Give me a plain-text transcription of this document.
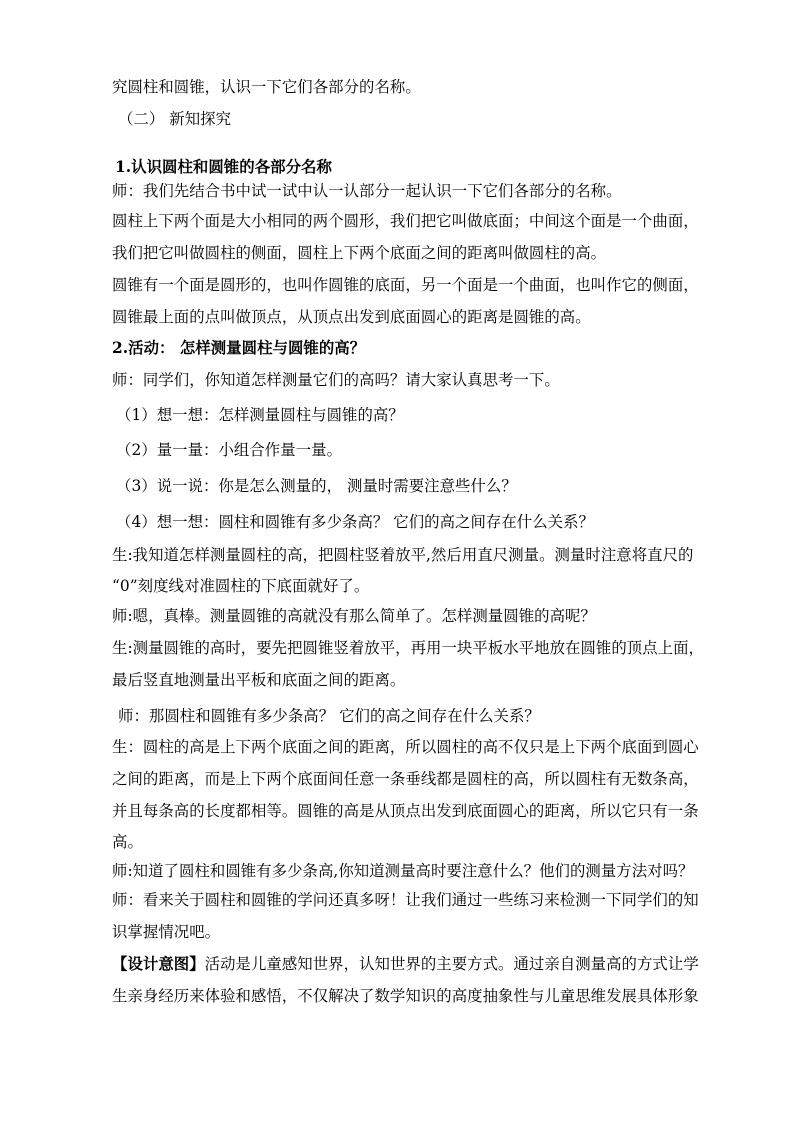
究圆柱和圆锥，认识一下它们各部分的名称。
（二） 新知探究
1.认识圆柱和圆锥的各部分名称
师：我们先结合书中试一试中认一认部分一起认识一下它们各部分的名称。
圆柱上下两个面是大小相同的两个圆形，我们把它叫做底面；中间这个面是一个曲面，
我们把它叫做圆柱的侧面，圆柱上下两个底面之间的距离叫做圆柱的高。
圆锥有一个面是圆形的，也叫作圆锥的底面，另一个面是一个曲面，也叫作它的侧面，
圆锥最上面的点叫做顶点，从顶点出发到底面圆心的距离是圆锥的高。
2.活动： 怎样测量圆柱与圆锥的高？
师：同学们，你知道怎样测量它们的高吗？请大家认真思考一下。
（1）想一想：怎样测量圆柱与圆锥的高？
（2）量一量：小组合作量一量。
（3）说一说：你是怎么测量的， 测量时需要注意些什么？
（4）想一想：圆柱和圆锥有多少条高？ 它们的高之间存在什么关系？
生:我知道怎样测量圆柱的高，把圆柱竖着放平,然后用直尺测量。测量时注意将直尺的
“0”刻度线对准圆柱的下底面就好了。
师:嗯，真棒。测量圆锥的高就没有那么简单了。怎样测量圆锥的高呢？
生:测量圆锥的高时，要先把圆锥竖着放平，再用一块平板水平地放在圆锥的顶点上面，
最后竖直地测量出平板和底面之间的距离。
师：那圆柱和圆锥有多少条高？ 它们的高之间存在什么关系？
生：圆柱的高是上下两个底面之间的距离，所以圆柱的高不仅只是上下两个底面到圆心
之间的距离，而是上下两个底面间任意一条垂线都是圆柱的高，所以圆柱有无数条高，
并且每条高的长度都相等。圆锥的高是从顶点出发到底面圆心的距离，所以它只有一条
高。
师:知道了圆柱和圆锥有多少条高,你知道测量高时要注意什么？他们的测量方法对吗？
师：看来关于圆柱和圆锥的学问还真多呀！让我们通过一些练习来检测一下同学们的知
识掌握情况吧。
【设计意图】活动是儿童感知世界，认知世界的主要方式。通过亲自测量高的方式让学
生亲身经历来体验和感悟，不仅解决了数学知识的高度抽象性与儿童思维发展具体形象
